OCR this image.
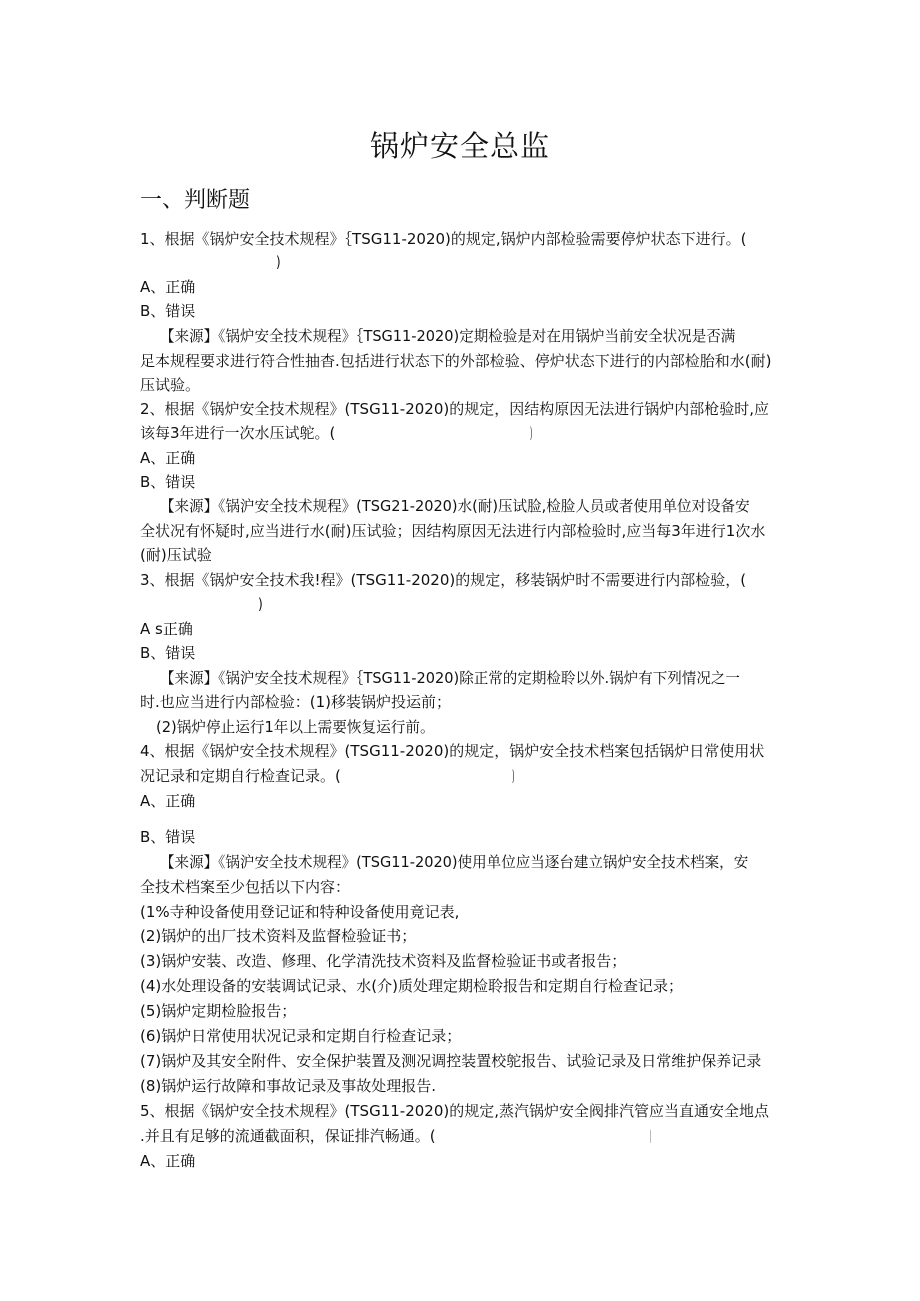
锅炉安全总监
一、判断题
1、根据《锅炉安全技术规程》｛TSG11-2020)的规定,锅炉内部检验需要停炉状态下进行。(
)
A、正确
B、错误
【来源】《锅炉安全技术规程》｛TSG11-2020)定期检验是对在用锅炉当前安全状况是否满
足本规程要求进行符合性抽杳.包括进行状态下的外部检验、停炉状态下进行的内部检胎和水(耐)
压试验。
2、根据《锅炉安全技术规程》(TSG11-2020)的规定，因结构原因无法进行锅炉内部枪验时,应
该每3年进行一次水压试鸵。(	)
A、正确
B、错误
【来源】《锅沪安全技术规程》(TSG21-2020)水(耐)压试脸,检脸人员或者使用单位对设备安
全状况有怀疑时,应当进行水(耐)压试验；因结构原因无法进行内部检验时,应当每3年进行1次水
(耐)压试验
3、根据《锅炉安全技术我!程》(TSG11-2020)的规定，移装锅炉时不需要进行内部检验，(
)
A s正确
B、错误
【来源】《锅沪安全技术规程》｛TSG11-2020)除正常的定期检聆以外.锅炉有下列情况之一
时.也应当进行内部检验：(1)移装锅炉投运前；
(2)锅炉停止运行1年以上需要恢复运行前。
4、根据《锅炉安全技术规程》(TSG11-2020)的规定，锅炉安全技术档案包括锅炉日常使用状
况记录和定期自行检查记录。(	)
A、正确
B、错误
【来源】《锅沪安全技术规程》(TSG11-2020)使用单位应当逐台建立锅炉安全技术档案，安
全技术档案至少包括以下内容：
(1%寺种设备使用登记证和特种设备使用竟记表,
(2)锅炉的出厂技术资料及监督检验证书；
(3)锅炉安装、改造、修理、化学清洗技术资料及监督检验证书或者报告；
(4)水处理设备的安装调试记录、水(介)质处理定期检聆报告和定期自行检查记录；
(5)锅炉定期检脸报告；
(6)锅炉日常使用状况记录和定期自行检查记录；
(7)锅炉及其安全附件、安全保护装置及测况调控装置校鸵报告、试验记录及日常维护保养记录
(8)锅炉运行故障和事故记录及事故处理报告.
5、根据《锅炉安全技术规程》(TSG11-2020)的规定,蒸汽锅炉安全阀排汽管应当直通安全地点
.并且有足够的流通截面积，保证排汽畅通。(	)
A、正确
